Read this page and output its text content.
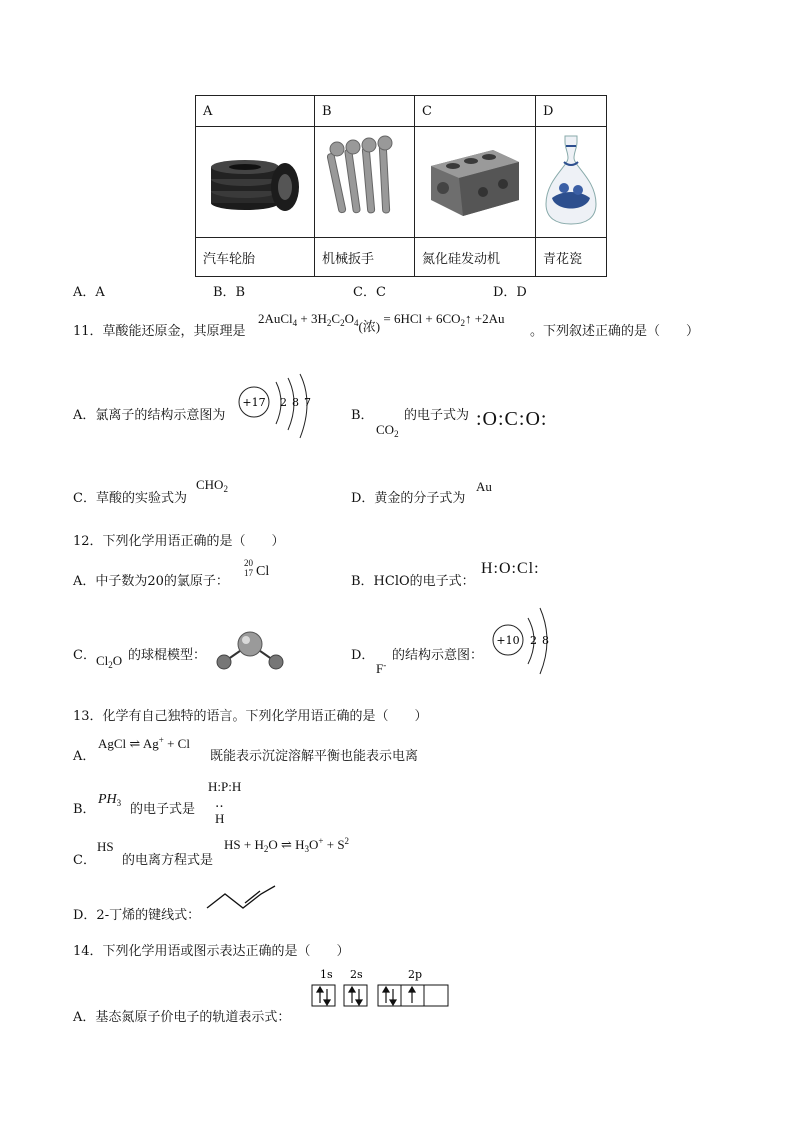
A	B	C	D

汽车轮胎	机械扳手	氮化硅发动机	青花瓷
A．A	B．B	C．C	D．D
11．草酸能还原金，其原理是
2AuCl$_4$ + $3H_2C_2O_4$(浓) = $6HCl + 6CO_2↑ +2Au$
。下列叙述正确的是（　　）
A．氯离子的结构示意图为
+17 2 8 7
B．
$CO_2$
的电子式为 :O:C:O:
C．草酸的实验式为
$CHO_2$
D．黄金的分子式为
Au
12．下列化学用语正确的是（　　）
A．中子数为20的氯原子：
20
17 Cl
B．HClO的电子式：
H:O:Cl:
C． $Cl_2O$ 的球棍模型：	D．
F-
的结构示意图：
+10 2 8
13．化学有自己独特的语言。下列化学用语正确的是（　　）
A．
AgCl ⇌ Ag+ + Cl
既能表示沉淀溶解平衡也能表示电离
B．
$PH_3$ 的电子式是
H:P:H
‥
H
C．
HS
的电离方程式是
HS + $H_2O$ ⇌ $H_3O^+ + S^2$
D．2-丁烯的键线式：
14．下列化学用语或图示表达正确的是（　　）
A．基态氮原子价电子的轨道表示式：
1s 2s	2p
